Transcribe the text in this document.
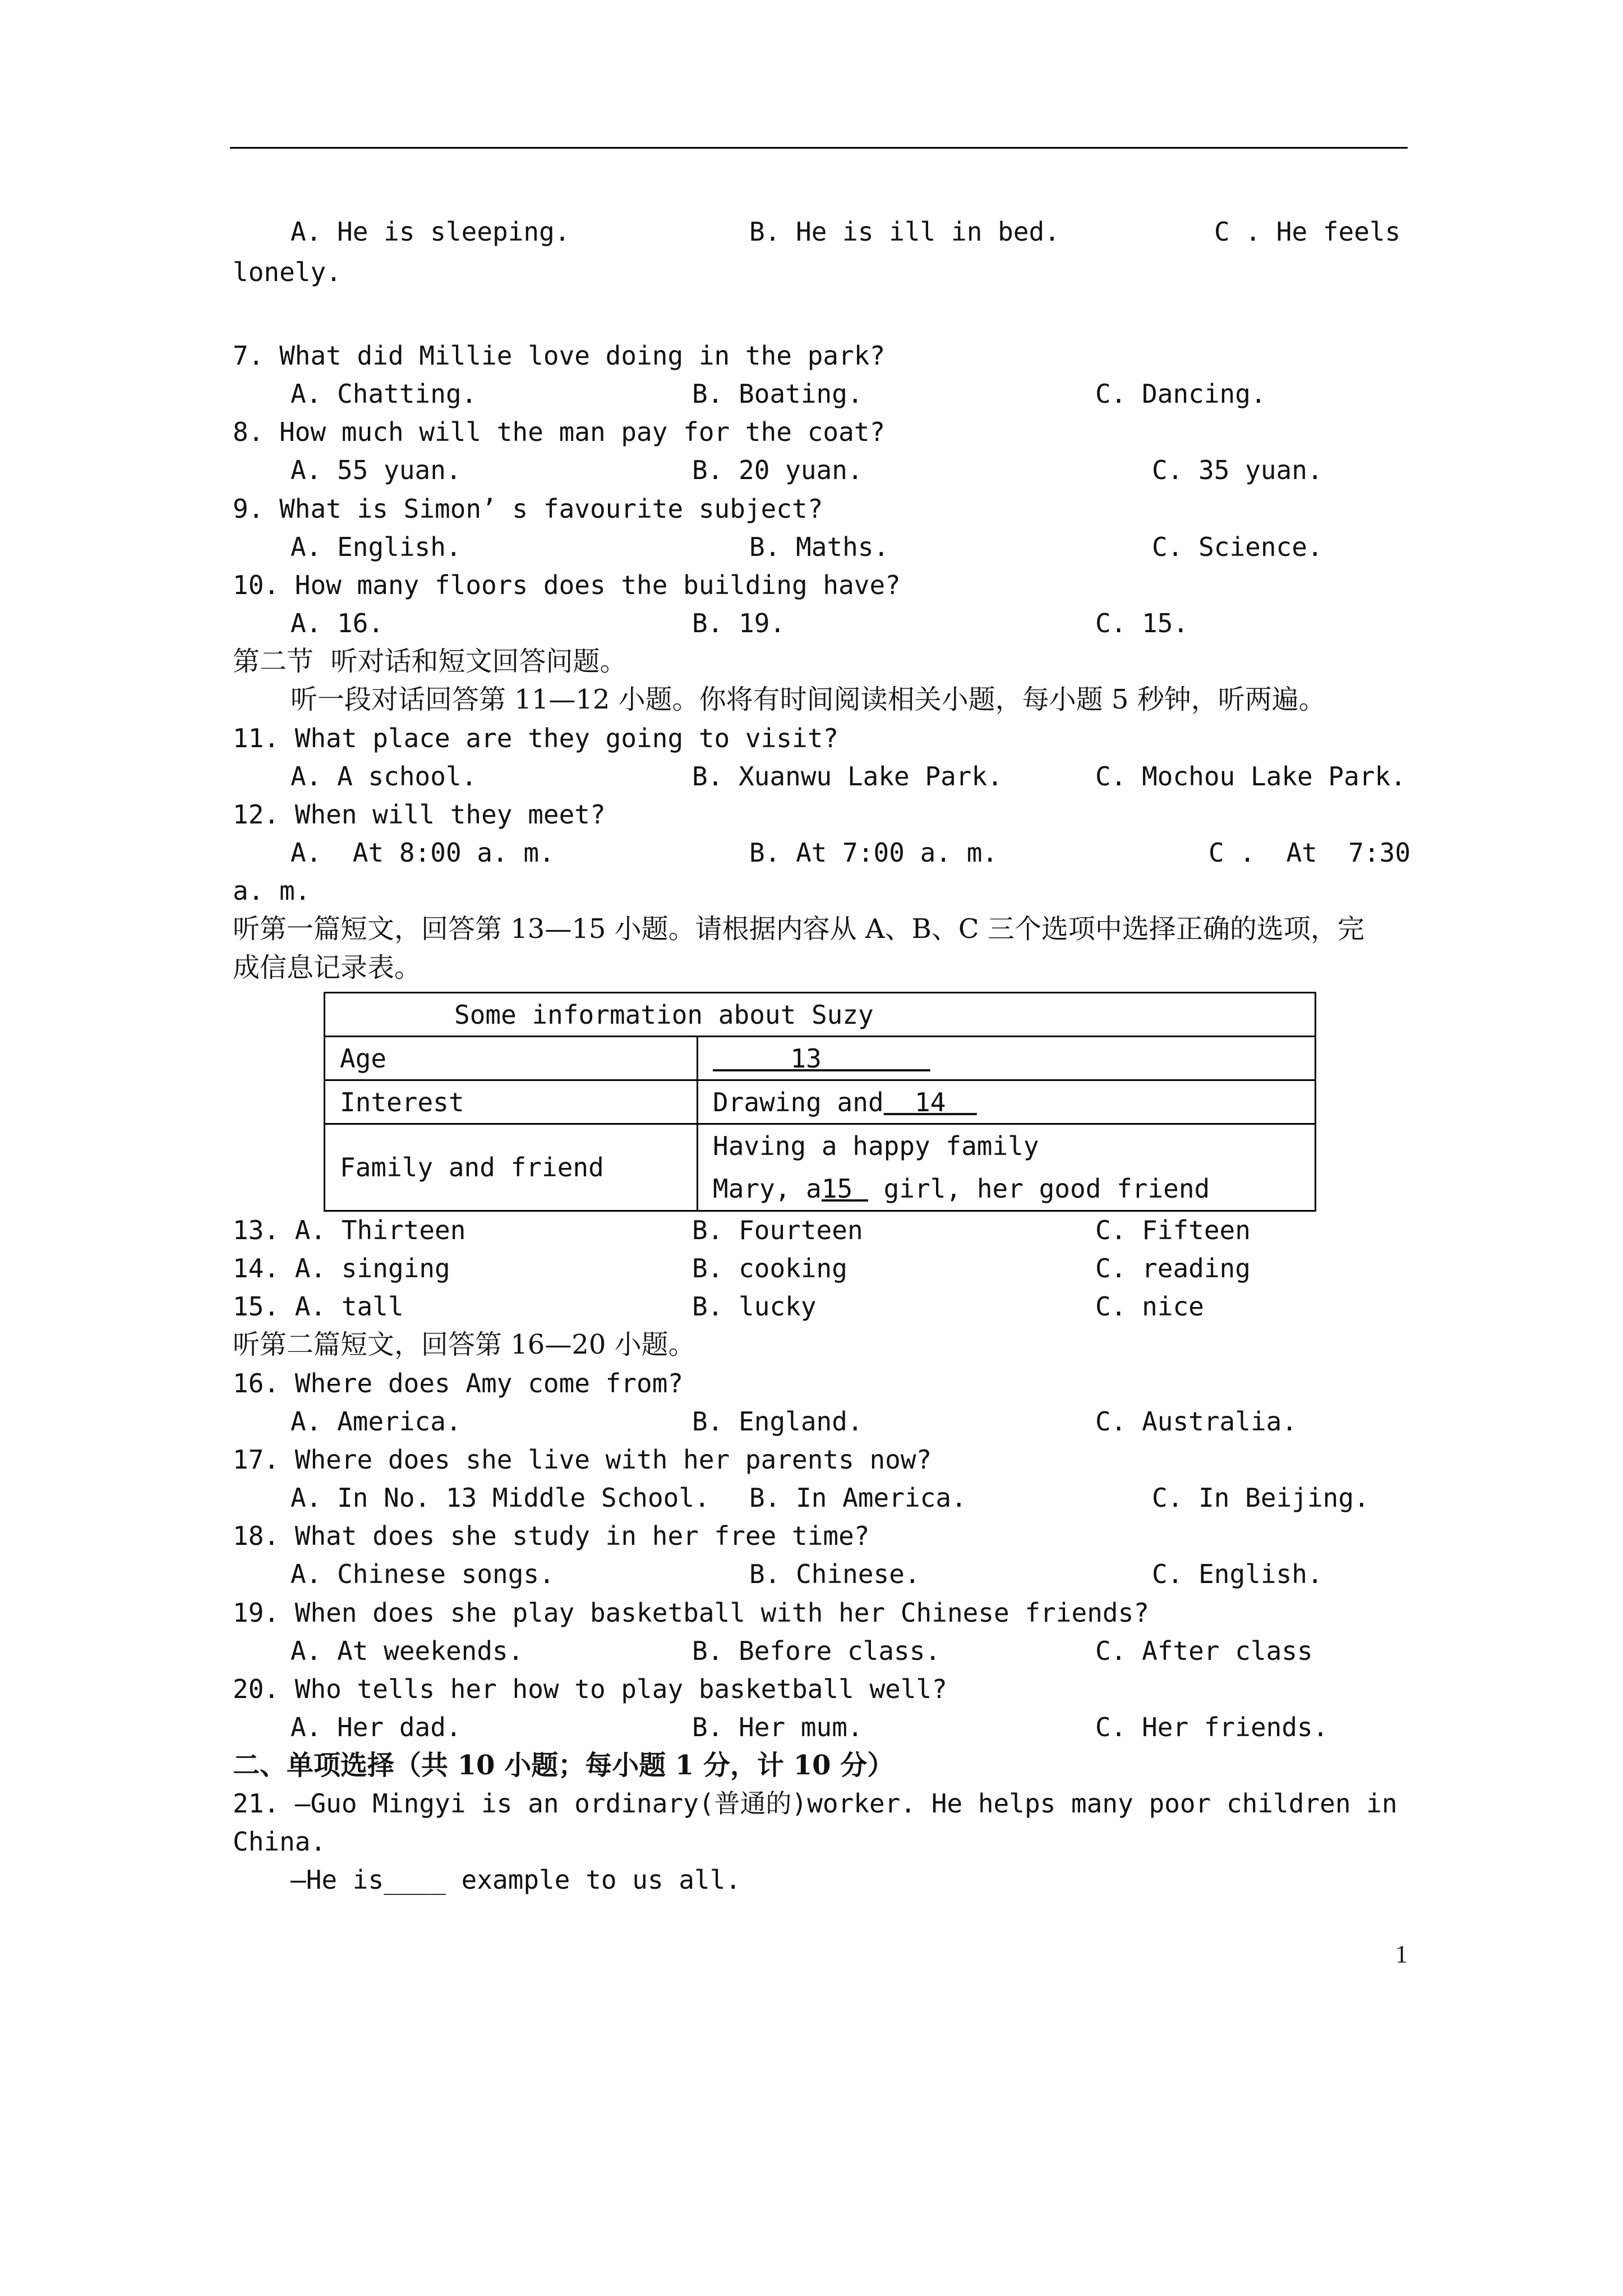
A. He is sleeping.	B. He is ill in bed.	C . He feels
lonely.
7. What did Millie love doing in the park?
A. Chatting.	B. Boating.	C. Dancing.
8. How much will the man pay for the coat?
A. 55 yuan.	B. 20 yuan.	C. 35 yuan.
9. What is Simon’ s favourite subject?
A. English.	B. Maths.	C. Science.
10. How many floors does the building have?
A. 16.	B. 19.	C. 15.
第二节  听对话和短文回答问题。
听一段对话回答第 11—12 小题。你将有时间阅读相关小题，每小题 5 秒钟，听两遍。
11. What place are they going to visit?
A. A school.	B. Xuanwu Lake Park.	C. Mochou Lake Park.
12. When will they meet?
A.  At 8:00 a. m.	B. At 7:00 a. m.	C .  At  7:30
a. m.
听第一篇短文，回答第 13—15 小题。请根据内容从 A、B、C 三个选项中选择正确的选项，完
成信息记录表。
Some information about Suzy	
Age	13
Interest	Drawing and 14
Family and friend	Having a happy family
Mary, a15  girl, her good friend
13. A. Thirteen	B. Fourteen	C. Fifteen
14. A. singing	B. cooking	C. reading
15. A. tall	B. lucky	C. nice
听第二篇短文，回答第 16—20 小题。
16. Where does Amy come from?
A. America.	B. England.	C. Australia.
17. Where does she live with her parents now?
A. In No. 13 Middle School. B. In America.	C. In Beijing.
18. What does she study in her free time?
A. Chinese songs.	B. Chinese.	C. English.
19. When does she play basketball with her Chinese friends?
A. At weekends.	B. Before class.	C. After class
20. Who tells her how to play basketball well?
A. Her dad.	B. Her mum.	C. Her friends.
二、单项选择（共 10 小题；每小题 1 分，计 10 分）
21. —Guo Mingyi is an ordinary(普通的)worker. He helps many poor children in
China.
—He is____ example to us all.
1
